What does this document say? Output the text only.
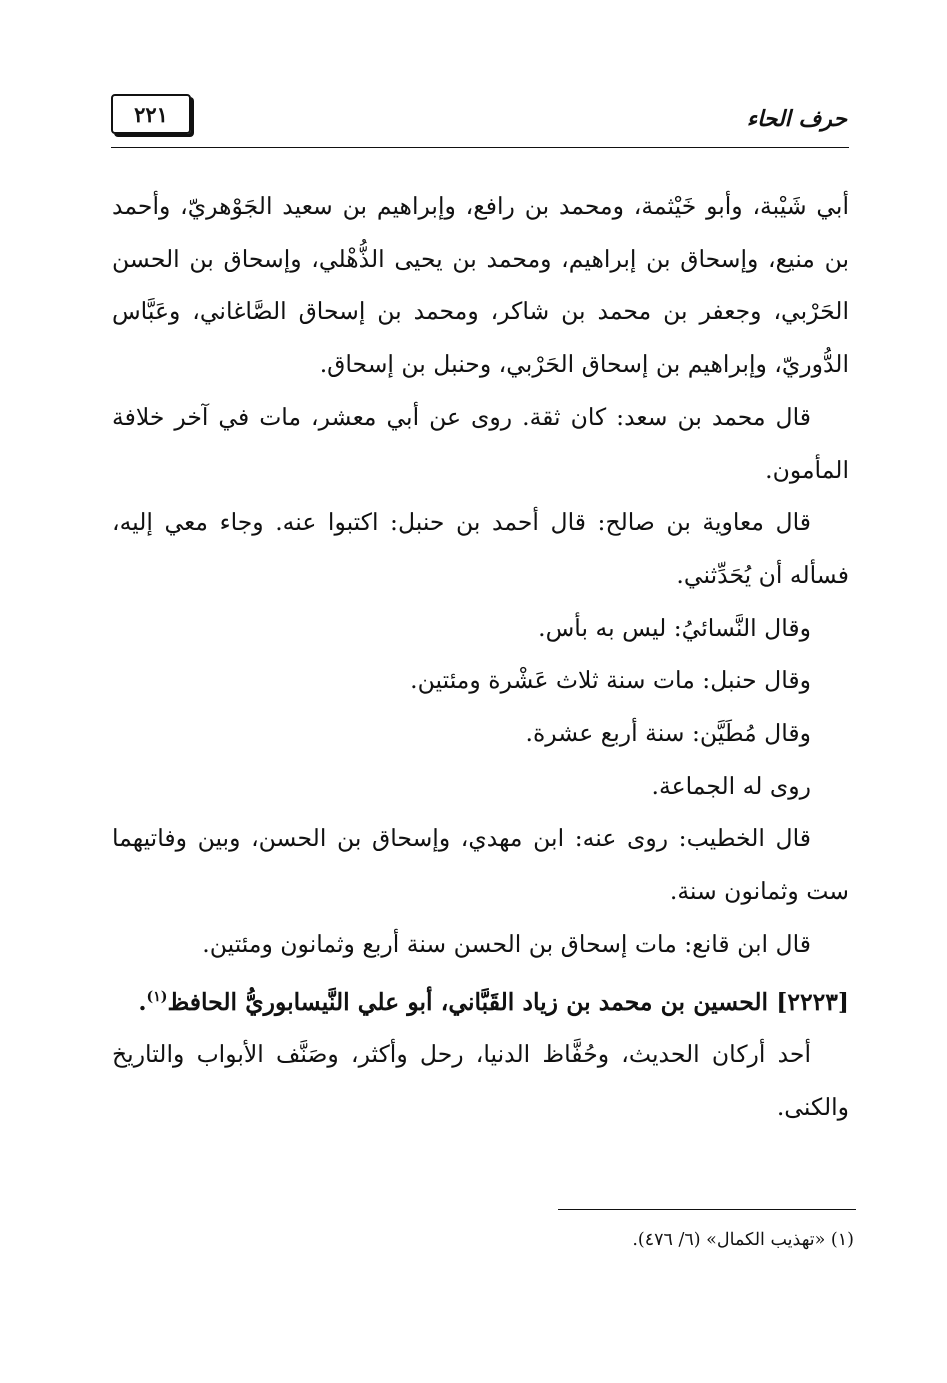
حرف الحاء
٢٢١

أبي شَيْبة، وأبو خَيْثمة، ومحمد بن رافع، وإبراهيم بن سعيد الجَوْهريّ، وأحمد بن منيع، وإسحاق بن إبراهيم، ومحمد بن يحيى الذُّهْلي، وإسحاق بن الحسن الحَرْبي، وجعفر بن محمد بن شاكر، ومحمد بن إسحاق الصَّاغاني، وعَبَّاس الدُّوريّ، وإبراهيم بن إسحاق الحَرْبي، وحنبل بن إسحاق.

قال محمد بن سعد: كان ثقة. روى عن أبي معشر، مات في آخر خلافة المأمون.

قال معاوية بن صالح: قال أحمد بن حنبل: اكتبوا عنه. وجاء معي إليه، فسأله أن يُحَدِّثني.

وقال النَّسائيُ: ليس به بأس.

وقال حنبل: مات سنة ثلاث عَشْرة ومئتين.

وقال مُطَيَّن: سنة أربع عشرة.

روى له الجماعة.

قال الخطيب: روى عنه: ابن مهدي، وإسحاق بن الحسن، وبين وفاتيهما ست وثمانون سنة.

قال ابن قانع: مات إسحاق بن الحسن سنة أربع وثمانون ومئتين.

[٢٢٢٣] الحسين بن محمد بن زياد القَبَّاني، أبو علي النَّيسابوريُّ الحافظ$^{(١)}$.

أحد أركان الحديث، وحُفَّاظ الدنيا، رحل وأكثر، وصَنَّف الأبواب والتاريخ والكنى.

(١) «تهذيب الكمال» (٦/ ٤٧٦).
